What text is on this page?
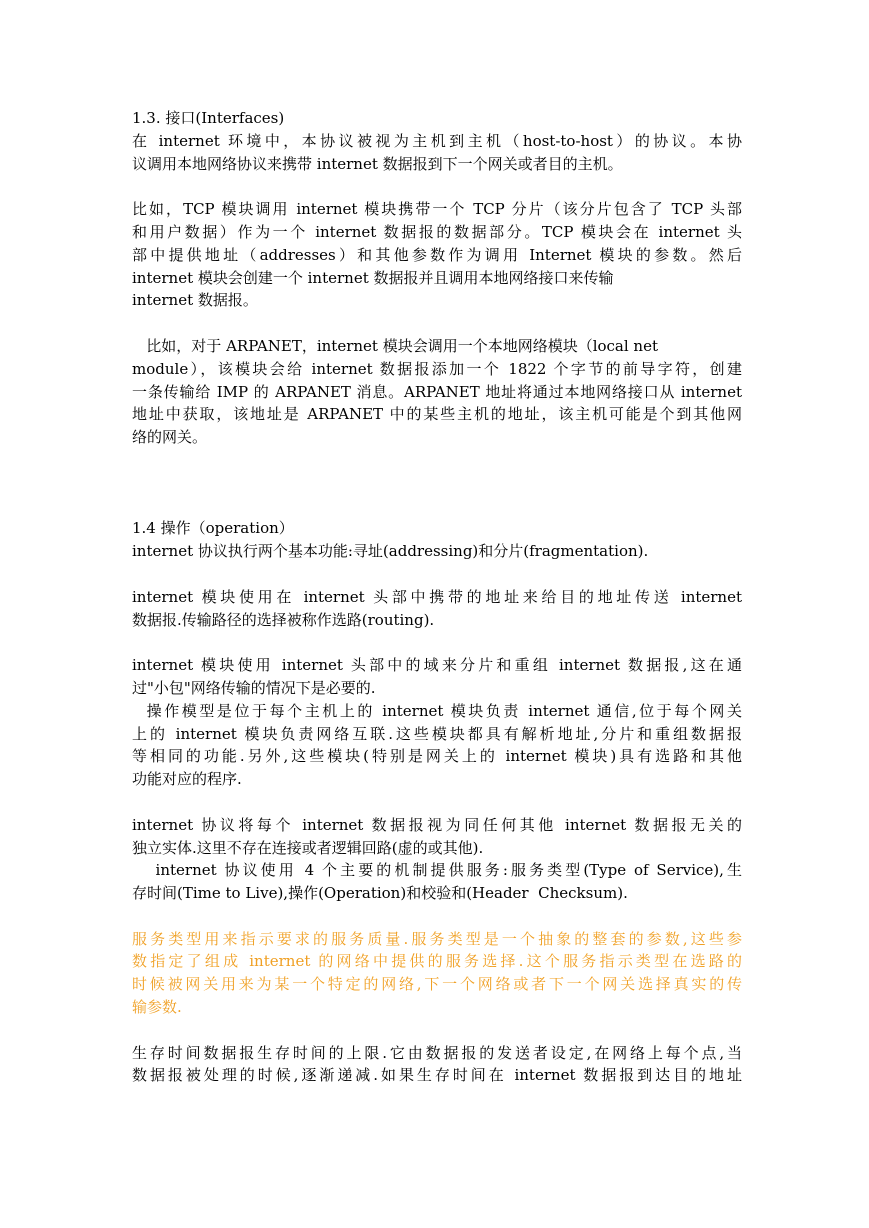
1.3. 接口(Interfaces)
在 internet 环境中，本协议被视为主机到主机（host-to-host）的协议。本协
议调用本地网络协议来携带 internet 数据报到下一个网关或者目的主机。
比如，TCP 模块调用 internet 模块携带一个 TCP 分片（该分片包含了 TCP 头部
和用户数据）作为一个 internet 数据报的数据部分。TCP 模块会在 internet 头
部中提供地址（addresses）和其他参数作为调用 Internet 模块的参数。然后
internet 模块会创建一个 internet 数据报并且调用本地网络接口来传输
internet 数据报。
比如，对于 ARPANET，internet 模块会调用一个本地网络模块（local net
module），该模块会给 internet 数据报添加一个 1822 个字节的前导字符，创建
一条传输给 IMP 的 ARPANET 消息。ARPANET 地址将通过本地网络接口从 internet
地址中获取，该地址是 ARPANET 中的某些主机的地址，该主机可能是个到其他网
络的网关。
1.4 操作（operation）
internet 协议执行两个基本功能:寻址(addressing)和分片(fragmentation).
internet 模块使用在 internet 头部中携带的地址来给目的地址传送 internet
数据报.传输路径的选择被称作选路(routing).
internet 模块使用 internet 头部中的域来分片和重组 internet 数据报,这在通
过"小包"网络传输的情况下是必要的.
操作模型是位于每个主机上的 internet 模块负责 internet 通信,位于每个网关
上的 internet 模块负责网络互联.这些模块都具有解析地址,分片和重组数据报
等相同的功能.另外,这些模块(特别是网关上的 internet 模块)具有选路和其他
功能对应的程序.
internet 协议将每个 internet 数据报视为同任何其他 internet 数据报无关的
独立实体.这里不存在连接或者逻辑回路(虚的或其他).
internet 协议使用 4 个主要的机制提供服务:服务类型(Type of Service),生
存时间(Time to Live),操作(Operation)和校验和(Header  Checksum).
服务类型用来指示要求的服务质量.服务类型是一个抽象的整套的参数,这些参
数指定了组成 internet 的网络中提供的服务选择.这个服务指示类型在选路的
时候被网关用来为某一个特定的网络,下一个网络或者下一个网关选择真实的传
输参数.
生存时间数据报生存时间的上限.它由数据报的发送者设定,在网络上每个点,当
数据报被处理的时候,逐渐递减.如果生存时间在 internet 数据报到达目的地址
